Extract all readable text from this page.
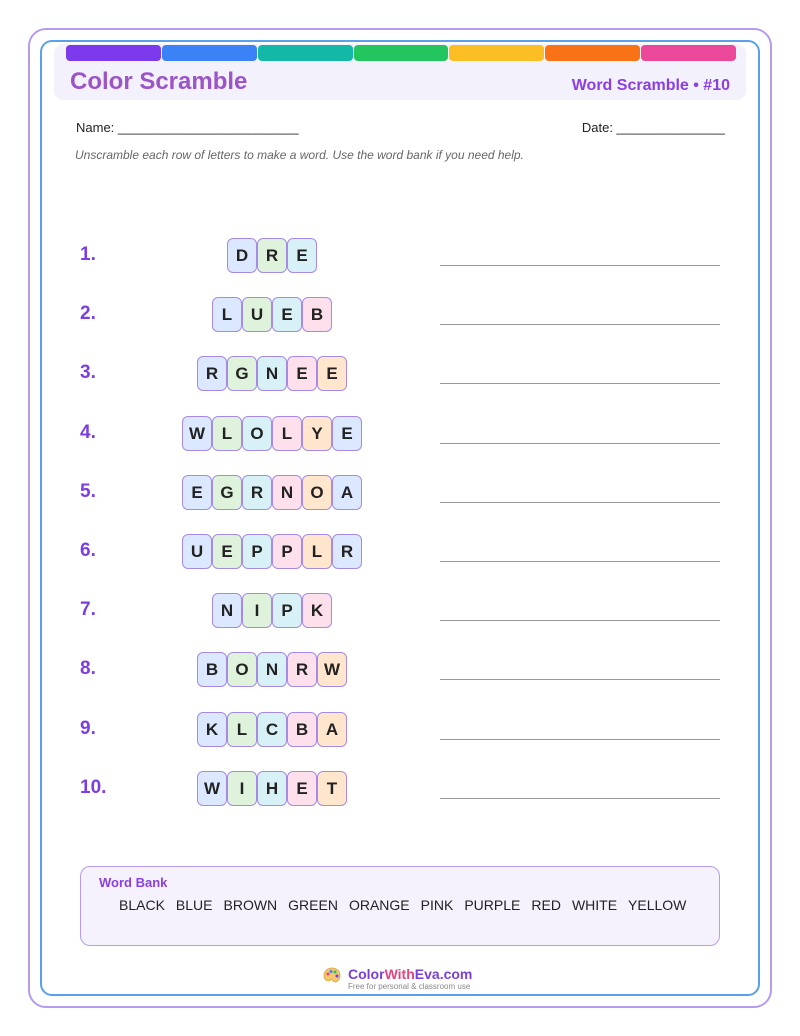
Color Scramble	Word Scramble • #10
Name: _________________________	Date: _______________
Unscramble each row of letters to make a word. Use the word bank if you need help.
1.	D	R	E
2.	L	U	E	B
3.	R	G	N	E	E
4.	W L	O	L	Y	E
5.	E	G	R	N	O	A
6.	U	E	P	P	L	R
7.	N	I	P	K
8.	B	O	N	R W
9.	K	L	C	B	A
10.	W	I	H	E	T
Word Bank
BLACK BLUE BROWN GREEN ORANGE PINK PURPLE RED WHITE YELLOW
ColorWithEva.com
Free for personal & classroom use
